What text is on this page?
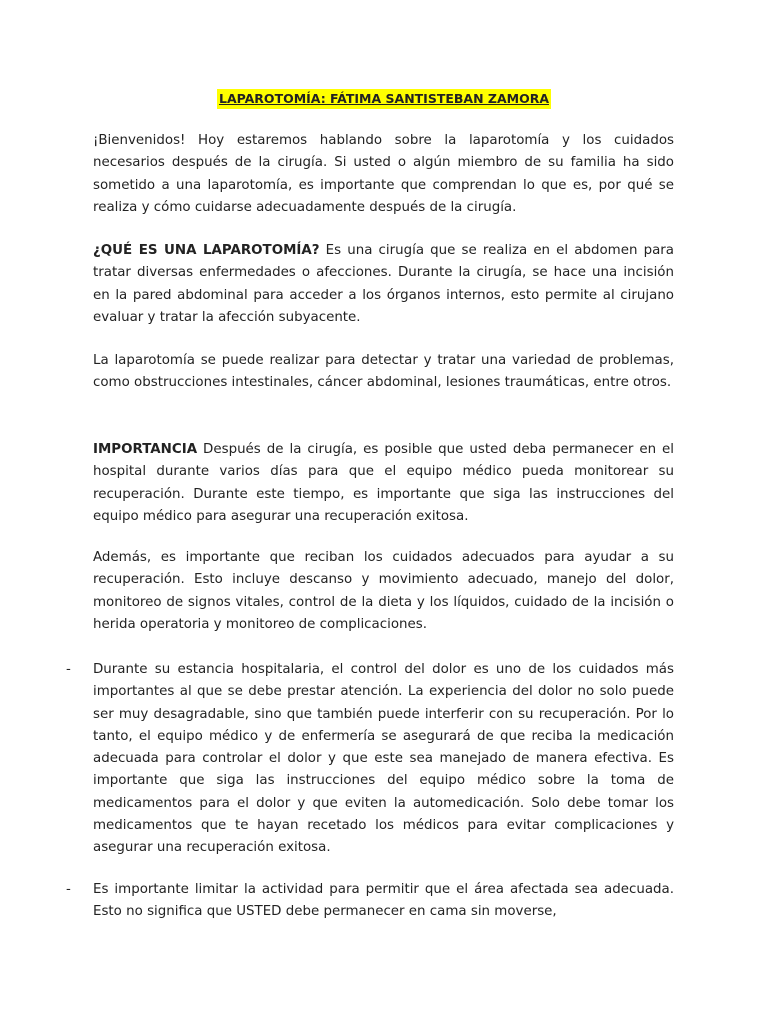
LAPAROTOMÍA: FÁTIMA SANTISTEBAN ZAMORA

¡Bienvenidos! Hoy estaremos hablando sobre la laparotomía y los cuidados necesarios después de la cirugía. Si usted o algún miembro de su familia ha sido sometido a una laparotomía, es importante que comprendan lo que es, por qué se realiza y cómo cuidarse adecuadamente después de la cirugía.

¿QUÉ ES UNA LAPAROTOMÍA? Es una cirugía que se realiza en el abdomen para tratar diversas enfermedades o afecciones. Durante la cirugía, se hace una incisión en la pared abdominal para acceder a los órganos internos, esto permite al cirujano evaluar y tratar la afección subyacente.

La laparotomía se puede realizar para detectar y tratar una variedad de problemas, como obstrucciones intestinales, cáncer abdominal, lesiones traumáticas, entre otros.

IMPORTANCIA Después de la cirugía, es posible que usted deba permanecer en el hospital durante varios días para que el equipo médico pueda monitorear su recuperación. Durante este tiempo, es importante que siga las instrucciones del equipo médico para asegurar una recuperación exitosa.

Además, es importante que reciban los cuidados adecuados para ayudar a su recuperación. Esto incluye descanso y movimiento adecuado, manejo del dolor, monitoreo de signos vitales, control de la dieta y los líquidos, cuidado de la incisión o herida operatoria y monitoreo de complicaciones.

- Durante su estancia hospitalaria, el control del dolor es uno de los cuidados más importantes al que se debe prestar atención. La experiencia del dolor no solo puede ser muy desagradable, sino que también puede interferir con su recuperación. Por lo tanto, el equipo médico y de enfermería se asegurará de que reciba la medicación adecuada para controlar el dolor y que este sea manejado de manera efectiva. Es importante que siga las instrucciones del equipo médico sobre la toma de medicamentos para el dolor y que eviten la automedicación. Solo debe tomar los medicamentos que te hayan recetado los médicos para evitar complicaciones y asegurar una recuperación exitosa.

- Es importante limitar la actividad para permitir que el área afectada sea adecuada. Esto no significa que USTED debe permanecer en cama sin moverse,
